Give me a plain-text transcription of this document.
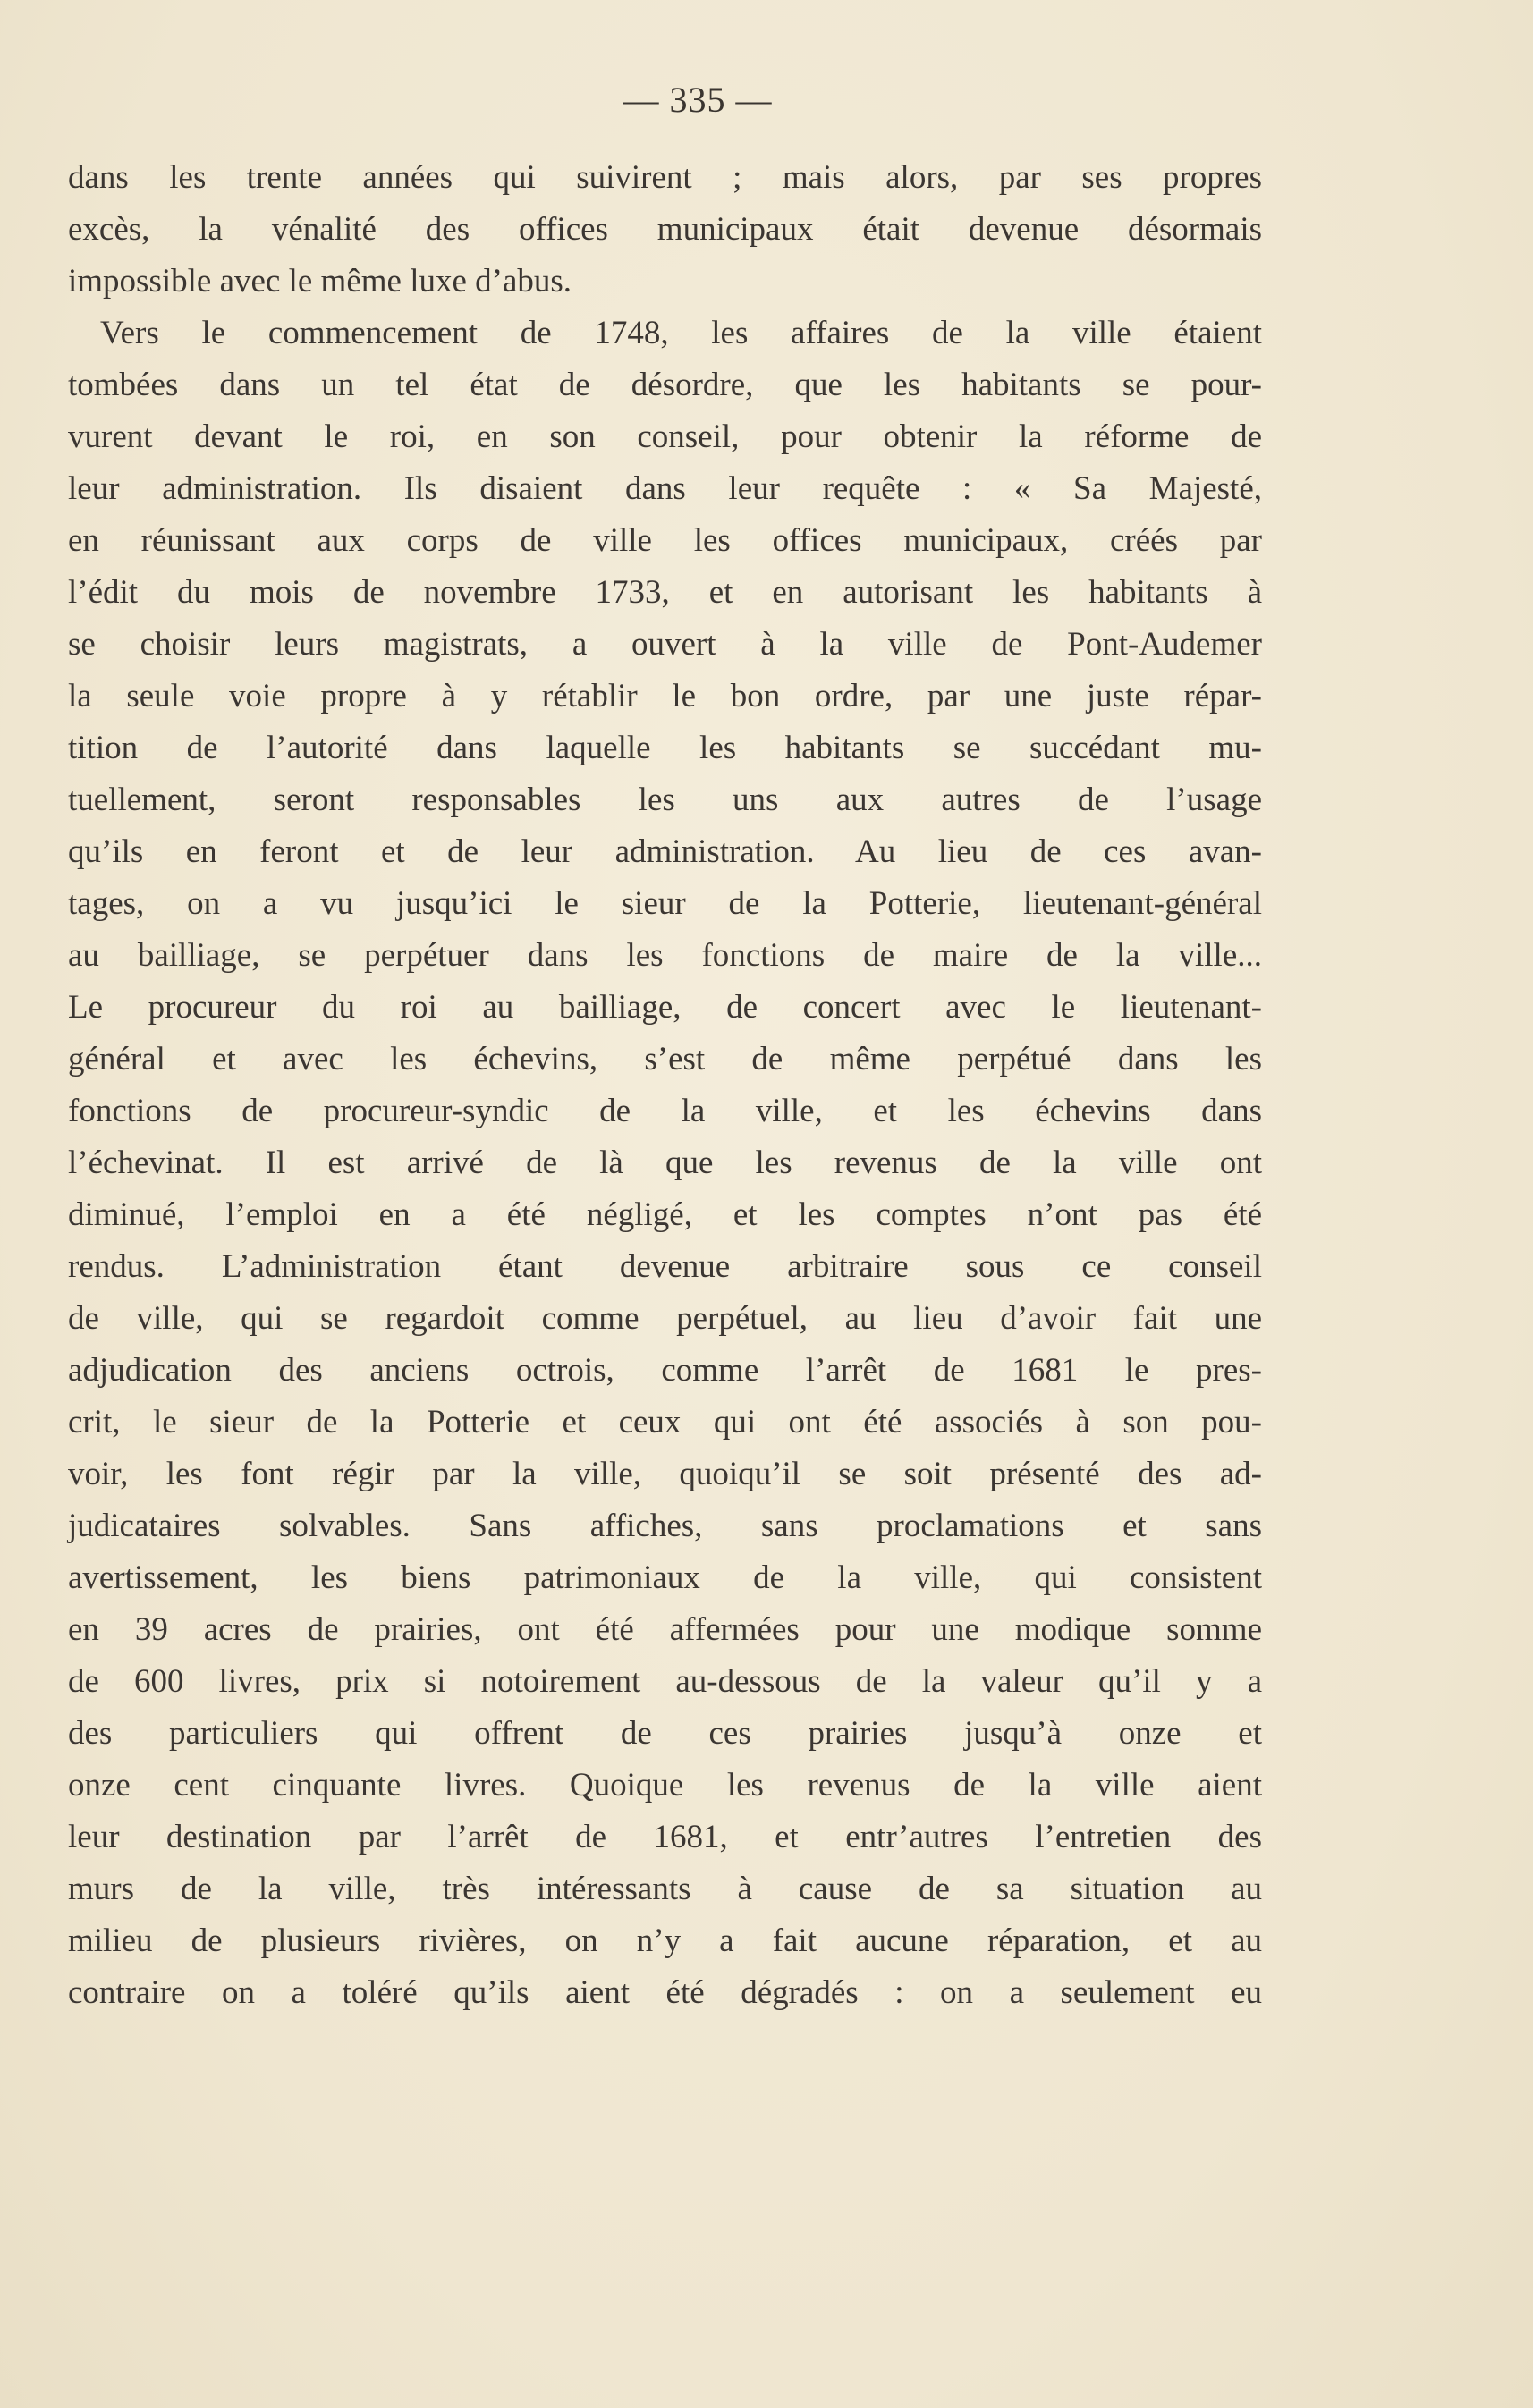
— 335 —
dans les trente années qui suivirent ; mais alors, par ses propres
excès, la vénalité des offices municipaux était devenue désormais
impossible avec le même luxe d’abus.
Vers le commencement de 1748, les affaires de la ville étaient
tombées dans un tel état de désordre, que les habitants se pour-
vurent devant le roi, en son conseil, pour obtenir la réforme de
leur administration. Ils disaient dans leur requête : « Sa Majesté,
en réunissant aux corps de ville les offices municipaux, créés par
l’édit du mois de novembre 1733, et en autorisant les habitants à
se choisir leurs magistrats, a ouvert à la ville de Pont-Audemer
la seule voie propre à y rétablir le bon ordre, par une juste répar-
tition de l’autorité dans laquelle les habitants se succédant mu-
tuellement, seront responsables les uns aux autres de l’usage
qu’ils en feront et de leur administration. Au lieu de ces avan-
tages, on a vu jusqu’ici le sieur de la Potterie, lieutenant-général
au bailliage, se perpétuer dans les fonctions de maire de la ville...
Le procureur du roi au bailliage, de concert avec le lieutenant-
général et avec les échevins, s’est de même perpétué dans les
fonctions de procureur-syndic de la ville, et les échevins dans
l’échevinat. Il est arrivé de là que les revenus de la ville ont
diminué, l’emploi en a été négligé, et les comptes n’ont pas été
rendus. L’administration étant devenue arbitraire sous ce conseil
de ville, qui se regardoit comme perpétuel, au lieu d’avoir fait une
adjudication des anciens octrois, comme l’arrêt de 1681 le pres-
crit, le sieur de la Potterie et ceux qui ont été associés à son pou-
voir, les font régir par la ville, quoiqu’il se soit présenté des ad-
judicataires solvables. Sans affiches, sans proclamations et sans
avertissement, les biens patrimoniaux de la ville, qui consistent
en 39 acres de prairies, ont été affermées pour une modique somme
de 600 livres, prix si notoirement au-dessous de la valeur qu’il y a
des particuliers qui offrent de ces prairies jusqu’à onze et
onze cent cinquante livres. Quoique les revenus de la ville aient
leur destination par l’arrêt de 1681, et entr’autres l’entretien des
murs de la ville, très intéressants à cause de sa situation au
milieu de plusieurs rivières, on n’y a fait aucune réparation, et au
contraire on a toléré qu’ils aient été dégradés : on a seulement eu
